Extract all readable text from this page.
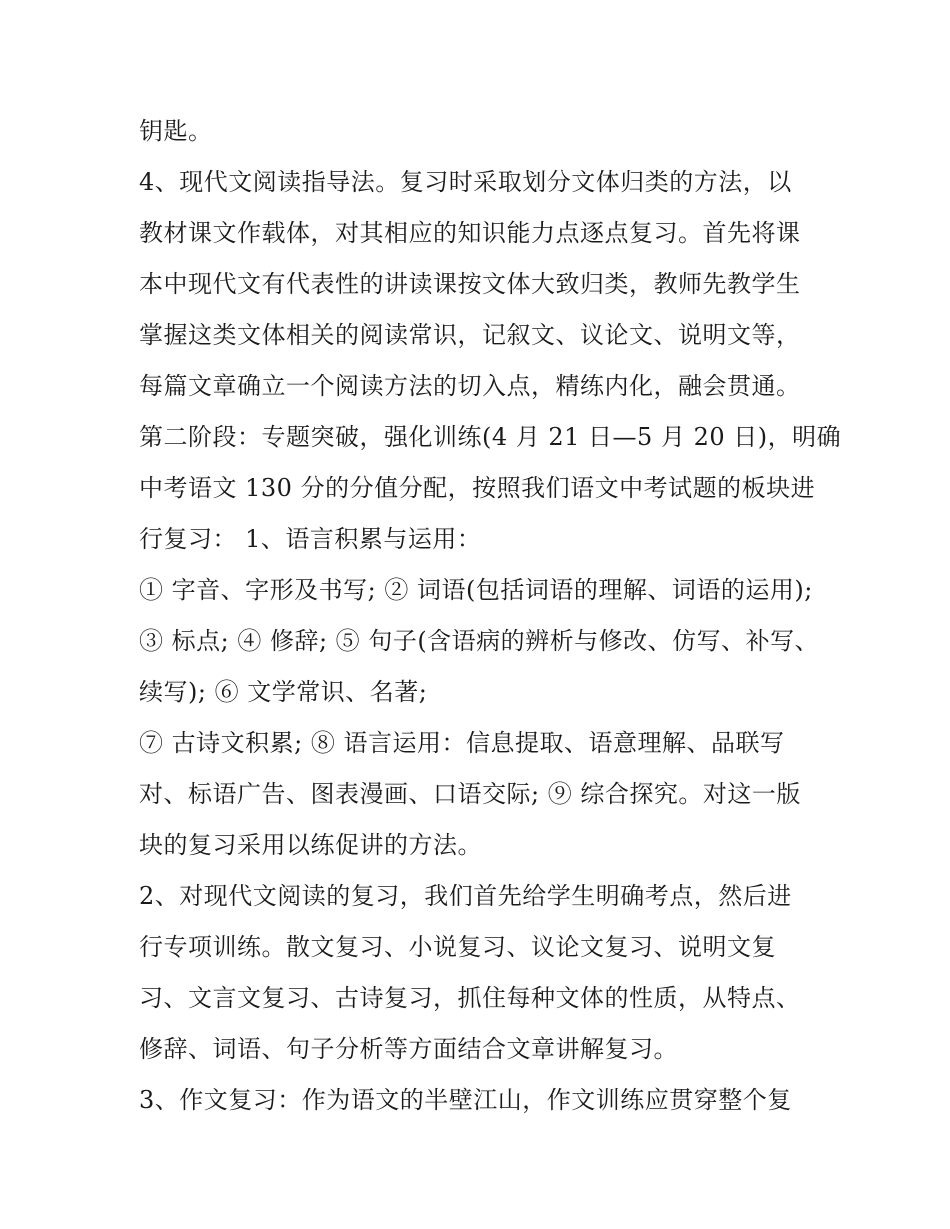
钥匙。
4、现代文阅读指导法。复习时采取划分文体归类的方法，以
教材课文作载体，对其相应的知识能力点逐点复习。首先将课
本中现代文有代表性的讲读课按文体大致归类，教师先教学生
掌握这类文体相关的阅读常识，记叙文、议论文、说明文等，
每篇文章确立一个阅读方法的切入点，精练内化，融会贯通。
第二阶段：专题突破，强化训练(4 月 21 日—5 月 20 日)，明确
中考语文 130 分的分值分配，按照我们语文中考试题的板块进
行复习： 1、语言积累与运用：
① 字音、字形及书写; ② 词语(包括词语的理解、词语的运用);
③ 标点; ④ 修辞; ⑤ 句子(含语病的辨析与修改、仿写、补写、
续写); ⑥ 文学常识、名著;
⑦ 古诗文积累; ⑧ 语言运用：信息提取、语意理解、品联写
对、标语广告、图表漫画、口语交际; ⑨ 综合探究。对这一版
块的复习采用以练促讲的方法。
2、对现代文阅读的复习，我们首先给学生明确考点，然后进
行专项训练。散文复习、小说复习、议论文复习、说明文复
习、文言文复习、古诗复习，抓住每种文体的性质，从特点、
修辞、词语、句子分析等方面结合文章讲解复习。
3、作文复习：作为语文的半壁江山，作文训练应贯穿整个复
